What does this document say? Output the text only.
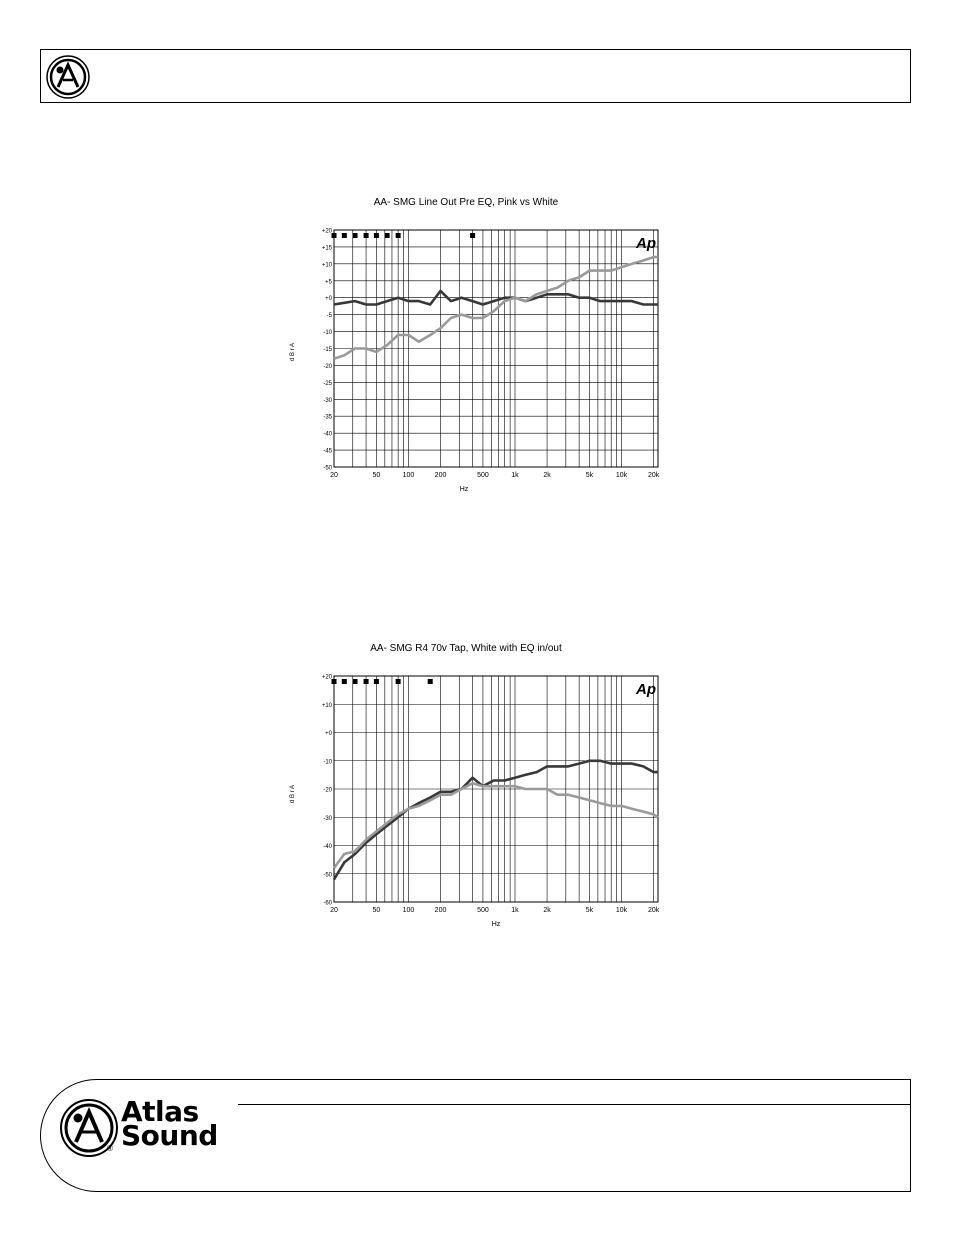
AA- SMG Line Out Pre EQ, Pink vs White
+20
+15
+10
+5
+0
-5
-10
-15
-20
-25
-30
-35
-40
-45
-50
20	50	100	200	500	1k	2k	5k	10k	20k
Hz
d B r A
Ap
AA- SMG R4 70v Tap, White with EQ in/out
+20
+10
+0
-10
-20
-30
-40
-50
-60
20	50	100	200	500	1k	2k	5k	10k	20k
Hz
d B r A
Ap
Atlas
Sound
®
